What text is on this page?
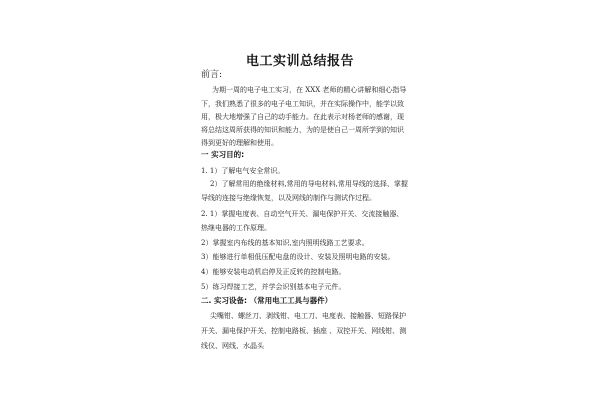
电工实训总结报告
前言:
为期一周的电子电工实习，在 XXX 老师的精心讲解和细心指导
下，我们熟悉了很多的电子电工知识，并在实际操作中，能学以致
用，极大地增强了自己的动手能力。在此表示对杨老师的感谢，现
将总结这周所获得的知识和能力，为的是使自己一周所学到的知识
得到更好的理解和使用。
一 实习目的:
1. 1）了解电气安全常识。
2）了解常用的绝缘材料,常用的导电材料,常用导线的选择、掌握
导线的连接与绝缘恢复，以及网线的制作与测试作过程。
2. 1）掌握电度表、自动空气开关、漏电保护开关、交流接触器、
热继电器的工作原理。
2）掌握室内布线的基本知识,室内照明线路工艺要求。
3）能够进行单相低压配电盘的设计、安装及照明电路的安装。
4）能够安装电动机启停及正反转的控制电路。
5）练习焊接工艺，并学会识别基本电子元件。
二. 实习设备: （常用电工工具与器件）
尖嘴钳、螺丝刀、剥线钳、电工刀、电度表、接触器、短路保护
开关、漏电保护开关、控制电路板、插座 、双控开关、网线钳、测
线仪、网线、水晶头
